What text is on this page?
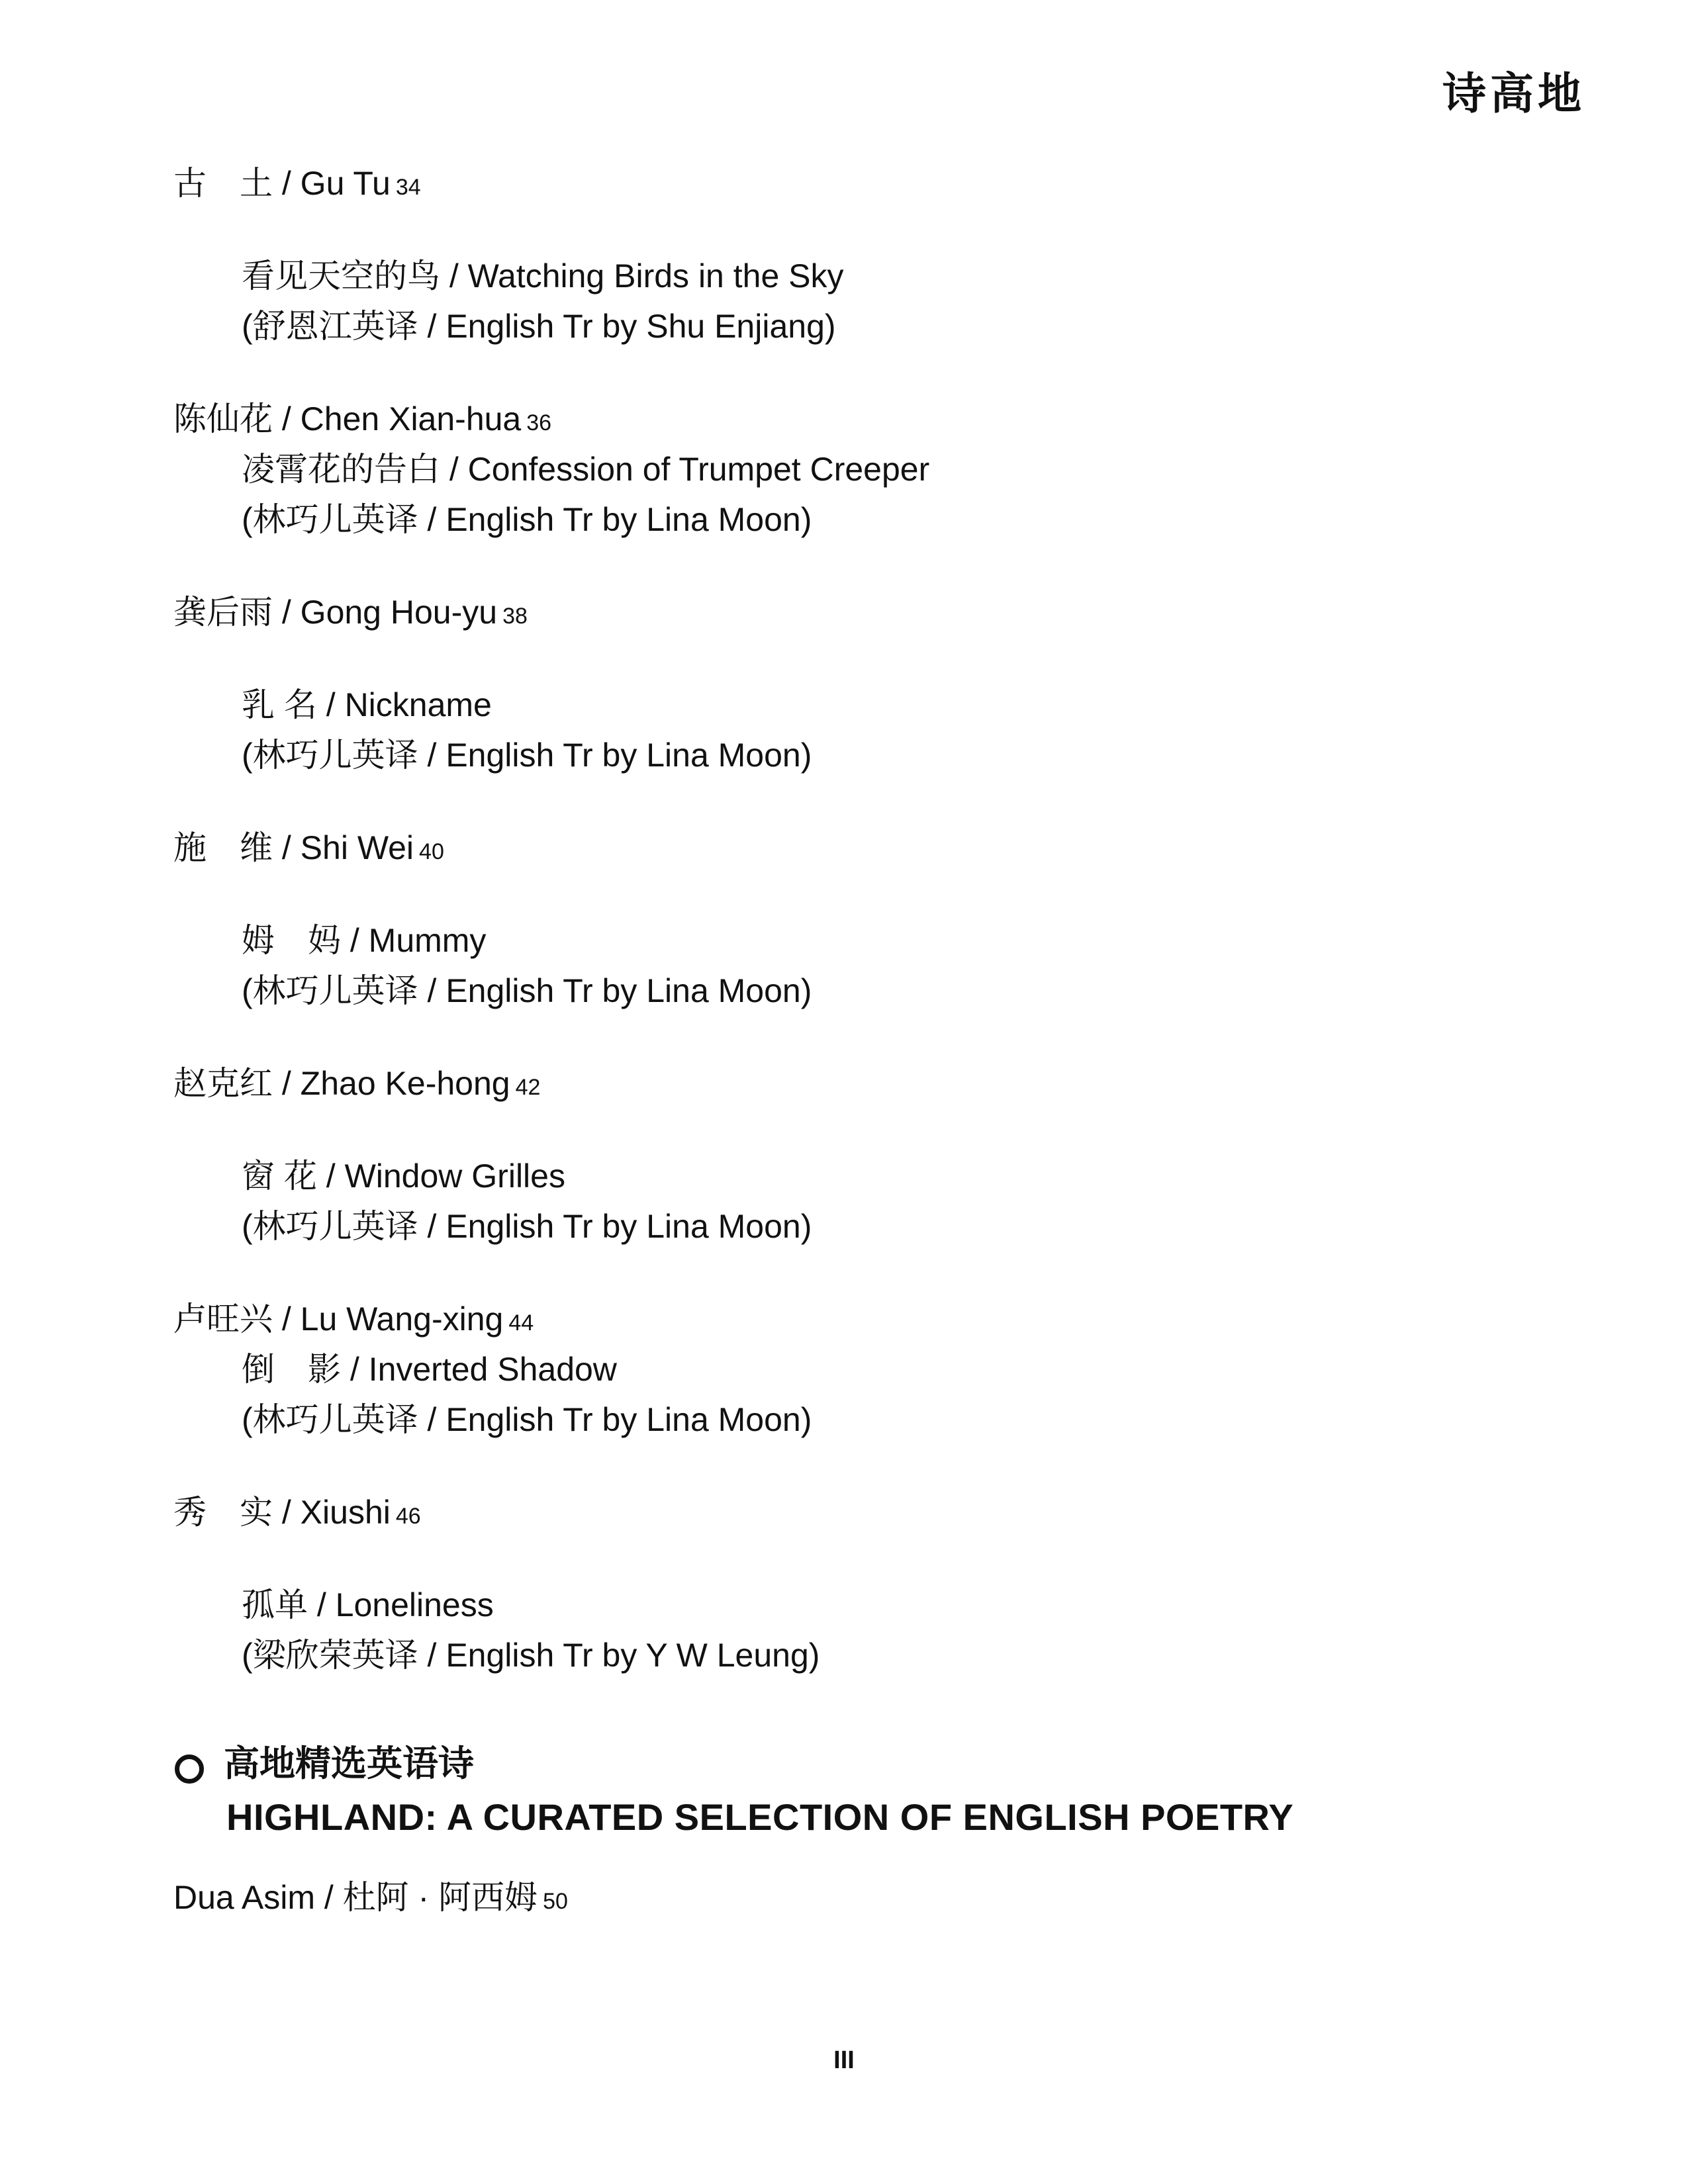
诗高地
古　土 / Gu Tu 34
看见天空的鸟 / Watching Birds in the Sky
(舒恩江英译 / English Tr by Shu Enjiang)
陈仙花 / Chen Xian-hua 36
凌霄花的告白 / Confession of Trumpet Creeper
(林巧儿英译 / English Tr by Lina Moon)
龚后雨 / Gong Hou-yu 38
乳 名 / Nickname
(林巧儿英译 / English Tr by Lina Moon)
施　维 / Shi Wei 40
姆　妈 / Mummy
(林巧儿英译 / English Tr by Lina Moon)
赵克红 / Zhao Ke-hong 42
窗 花 / Window Grilles
(林巧儿英译 / English Tr by Lina Moon)
卢旺兴 / Lu Wang-xing 44
倒　影 / Inverted Shadow
(林巧儿英译 / English Tr by Lina Moon)
秀　实 / Xiushi 46
孤单 / Loneliness
(梁欣荣英译 / English Tr by Y W Leung)
高地精选英语诗
HIGHLAND: A CURATED SELECTION OF ENGLISH POETRY
Dua Asim / 杜阿 · 阿西姆 50
III
